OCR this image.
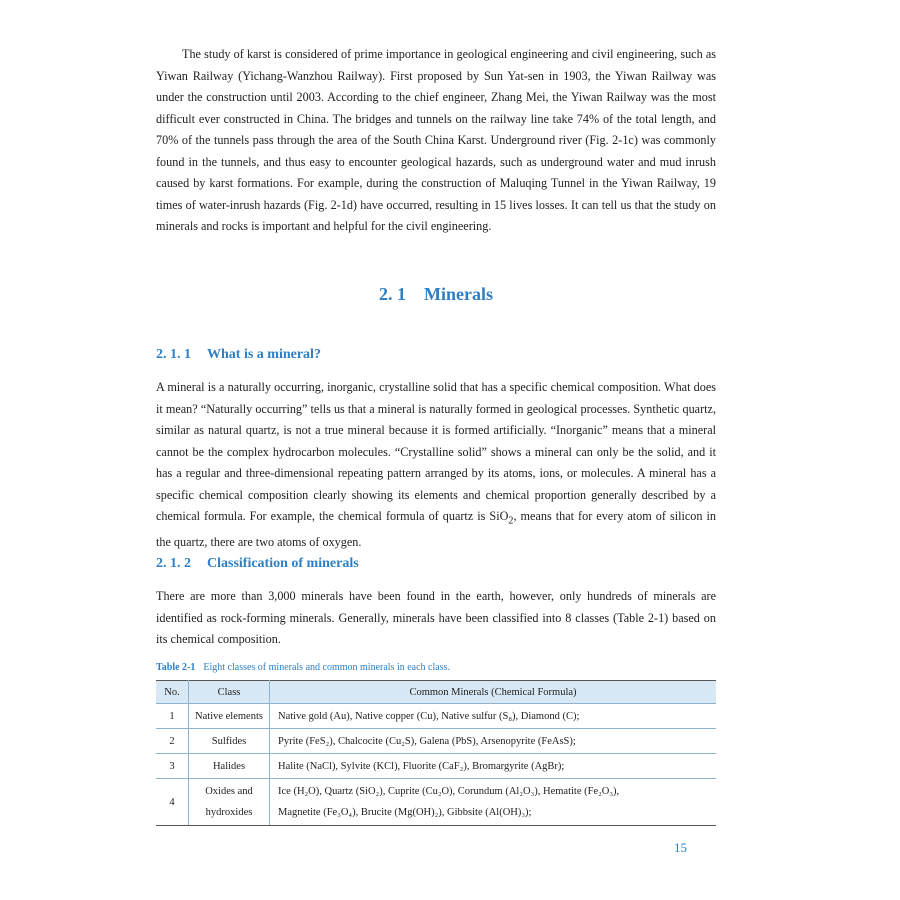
The study of karst is considered of prime importance in geological engineering and civil engineering, such as Yiwan Railway (Yichang-Wanzhou Railway). First proposed by Sun Yat-sen in 1903, the Yiwan Railway was under the construction until 2003. According to the chief engineer, Zhang Mei, the Yiwan Railway was the most difficult ever constructed in China. The bridges and tunnels on the railway line take 74% of the total length, and 70% of the tunnels pass through the area of the South China Karst. Underground river (Fig. 2-1c) was commonly found in the tunnels, and thus easy to encounter geological hazards, such as underground water and mud inrush caused by karst formations. For example, during the construction of Maluqing Tunnel in the Yiwan Railway, 19 times of water-inrush hazards (Fig. 2-1d) have occurred, resulting in 15 lives losses. It can tell us that the study on minerals and rocks is important and helpful for the civil engineering.

2. 1 Minerals
2. 1. 1 What is a mineral?

A mineral is a naturally occurring, inorganic, crystalline solid that has a specific chemical composition. What does it mean? “Naturally occurring” tells us that a mineral is naturally formed in geological processes. Synthetic quartz, similar as natural quartz, is not a true mineral because it is formed artificially. “Inorganic” means that a mineral cannot be the complex hydrocarbon molecules. “Crystalline solid” shows a mineral can only be the solid, and it has a regular and three-dimensional repeating pattern arranged by its atoms, ions, or molecules. A mineral has a specific chemical composition clearly showing its elements and chemical proportion generally described by a chemical formula. For example, the chemical formula of quartz is SiO$_2$, means that for every atom of silicon in the quartz, there are two atoms of oxygen.

2. 1. 2 Classification of minerals

There are more than 3,000 minerals have been found in the earth, however, only hundreds of minerals are identified as rock-forming minerals. Generally, minerals have been classified into 8 classes (Table 2-1) based on its chemical composition.

Table 2-1 Eight classes of minerals and common minerals in each class.
No.	Class	Common Minerals (Chemical Formula)
1	Native elements	Native gold (Au), Native copper (Cu), Native sulfur (S₈), Diamond (C);
2	Sulfides	Pyrite (FeS₂), Chalcocite (Cu₂S), Galena (PbS), Arsenopyrite (FeAsS);
3	Halides	Halite (NaCl), Sylvite (KCl), Fluorite (CaF₂), Bromargyrite (AgBr);
4	Oxides and hydroxides	Ice (H₂O), Quartz (SiO₂), Cuprite (Cu₂O), Corundum (Al₂O₃), Hematite (Fe₂O₃),
Magnetite (Fe₃O₄), Brucite (Mg(OH)₂), Gibbsite (Al(OH)₃);
15
